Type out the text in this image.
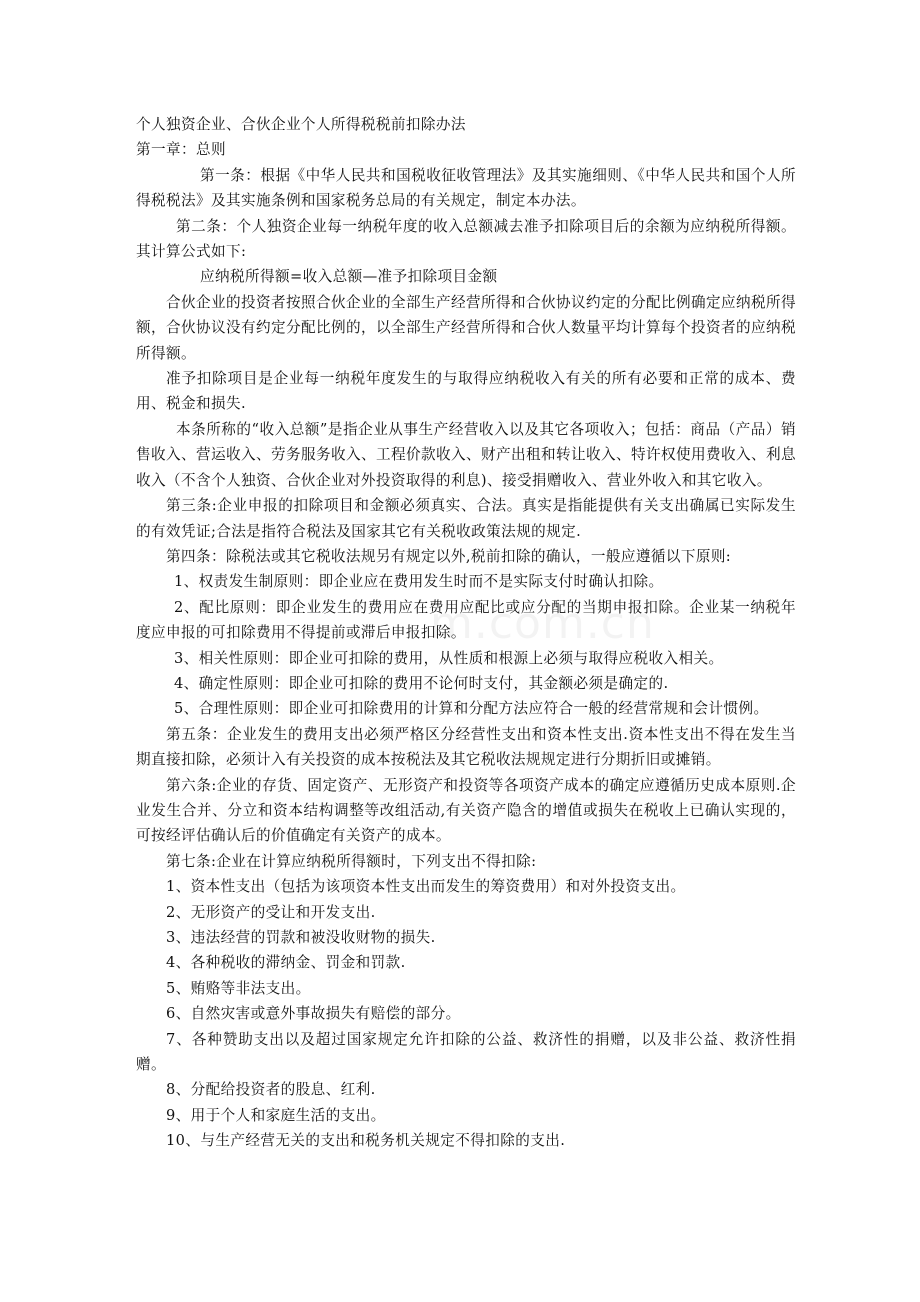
个人独资企业、合伙企业个人所得税税前扣除办法

第一章：总则

第一条：根据《中华人民共和国税收征收管理法》及其实施细则、《中华人民共和国个人所得税税法》及其实施条例和国家税务总局的有关规定，制定本办法。

第二条：个人独资企业每一纳税年度的收入总额减去准予扣除项目后的余额为应纳税所得额。其计算公式如下:

应纳税所得额=收入总额—准予扣除项目金额

合伙企业的投资者按照合伙企业的全部生产经营所得和合伙协议约定的分配比例确定应纳税所得额，合伙协议没有约定分配比例的，以全部生产经营所得和合伙人数量平均计算每个投资者的应纳税所得额。

准予扣除项目是企业每一纳税年度发生的与取得应纳税收入有关的所有必要和正常的成本、费用、税金和损失.

本条所称的“收入总额”是指企业从事生产经营收入以及其它各项收入；包括：商品（产品）销售收入、营运收入、劳务服务收入、工程价款收入、财产出租和转让收入、特许权使用费收入、利息收入（不含个人独资、合伙企业对外投资取得的利息)、接受捐赠收入、营业外收入和其它收入。

第三条:企业申报的扣除项目和金额必须真实、合法。真实是指能提供有关支出确属已实际发生的有效凭证;合法是指符合税法及国家其它有关税收政策法规的规定.

第四条：除税法或其它税收法规另有规定以外,税前扣除的确认，一般应遵循以下原则:

1、权责发生制原则：即企业应在费用发生时而不是实际支付时确认扣除。

2、配比原则：即企业发生的费用应在费用应配比或应分配的当期申报扣除。企业某一纳税年度应申报的可扣除费用不得提前或滞后申报扣除。

3、相关性原则：即企业可扣除的费用，从性质和根源上必须与取得应税收入相关。

4、确定性原则：即企业可扣除的费用不论何时支付，其金额必须是确定的.

5、合理性原则：即企业可扣除费用的计算和分配方法应符合一般的经营常规和会计惯例。

第五条：企业发生的费用支出必须严格区分经营性支出和资本性支出.资本性支出不得在发生当期直接扣除，必须计入有关投资的成本按税法及其它税收法规规定进行分期折旧或摊销。

第六条:企业的存货、固定资产、无形资产和投资等各项资产成本的确定应遵循历史成本原则.企业发生合并、分立和资本结构调整等改组活动,有关资产隐含的增值或损失在税收上已确认实现的，可按经评估确认后的价值确定有关资产的成本。

第七条:企业在计算应纳税所得额时，下列支出不得扣除:

1、资本性支出（包括为该项资本性支出而发生的筹资费用）和对外投资支出。

2、无形资产的受让和开发支出.

3、违法经营的罚款和被没收财物的损失.

4、各种税收的滞纳金、罚金和罚款.

5、贿赂等非法支出。

6、自然灾害或意外事故损失有赔偿的部分。

7、各种赞助支出以及超过国家规定允许扣除的公益、救济性的捐赠，以及非公益、救济性捐赠。

8、分配给投资者的股息、红利.

9、用于个人和家庭生活的支出。

10、与生产经营无关的支出和税务机关规定不得扣除的支出.
